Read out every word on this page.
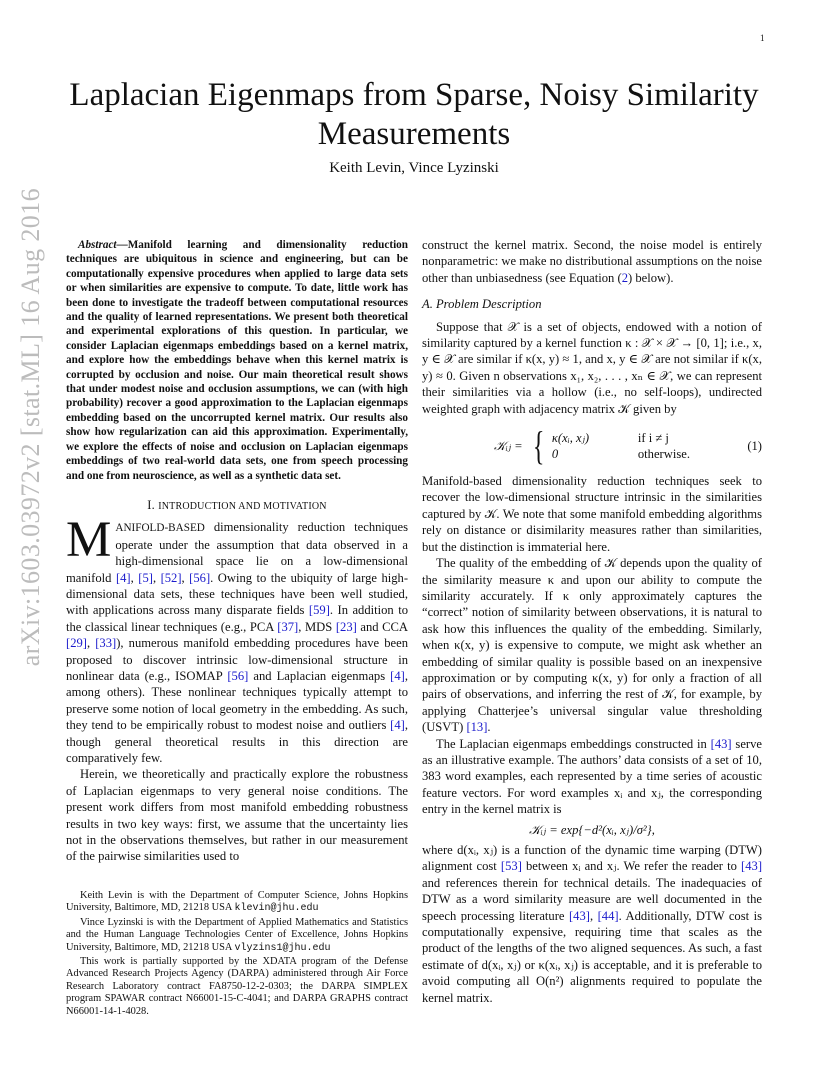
1
arXiv:1603.03972v2 [stat.ML] 16 Aug 2016
Laplacian Eigenmaps from Sparse, Noisy Similarity Measurements
Keith Levin, Vince Lyzinski

Abstract—Manifold learning and dimensionality reduction techniques are ubiquitous in science and engineering, but can be computationally expensive procedures when applied to large data sets or when similarities are expensive to compute. To date, little work has been done to investigate the tradeoff between computational resources and the quality of learned representations. We present both theoretical and experimental explorations of this question. In particular, we consider Laplacian eigenmaps embeddings based on a kernel matrix, and explore how the embeddings behave when this kernel matrix is corrupted by occlusion and noise. Our main theoretical result shows that under modest noise and occlusion assumptions, we can (with high probability) recover a good approximation to the Laplacian eigenmaps embedding based on the uncorrupted kernel matrix. Our results also show how regularization can aid this approximation. Experimentally, we explore the effects of noise and occlusion on Laplacian eigenmaps embeddings of two real-world data sets, one from speech processing and one from neuroscience, as well as a synthetic data set.

I. INTRODUCTION AND MOTIVATION

MANIFOLD-BASED dimensionality reduction techniques operate under the assumption that data observed in a high-dimensional space lie on a low-dimensional manifold [4], [5], [52], [56]. Owing to the ubiquity of large high-dimensional data sets, these techniques have been well studied, with applications across many disparate fields [59]. In addition to the classical linear techniques (e.g., PCA [37], MDS [23] and CCA [29], [33]), numerous manifold embedding procedures have been proposed to discover intrinsic low-dimensional structure in nonlinear data (e.g., ISOMAP [56] and Laplacian eigenmaps [4], among others). These nonlinear techniques typically attempt to preserve some notion of local geometry in the embedding. As such, they tend to be empirically robust to modest noise and outliers [4], though general theoretical results in this direction are comparatively few.

Herein, we theoretically and practically explore the robustness of Laplacian eigenmaps to very general noise conditions. The present work differs from most manifold embedding robustness results in two key ways: first, we assume that the uncertainty lies not in the observations themselves, but rather in our measurement of the pairwise similarities used to

Keith Levin is with the Department of Computer Science, Johns Hopkins University, Baltimore, MD, 21218 USA klevin@jhu.edu

Vince Lyzinski is with the Department of Applied Mathematics and Statistics and the Human Language Technologies Center of Excellence, Johns Hopkins University, Baltimore, MD, 21218 USA vlyzins1@jhu.edu

This work is partially supported by the XDATA program of the Defense Advanced Research Projects Agency (DARPA) administered through Air Force Research Laboratory contract FA8750-12-2-0303; the DARPA SIMPLEX program SPAWAR contract N66001-15-C-4041; and DARPA GRAPHS contract N66001-14-1-4028.

construct the kernel matrix. Second, the noise model is entirely nonparametric: we make no distributional assumptions on the noise other than unbiasedness (see Equation (2) below).

A. Problem Description

Suppose that 𝒳 is a set of objects, endowed with a notion of similarity captured by a kernel function κ : 𝒳 × 𝒳 → [0, 1]; i.e., x, y ∈ 𝒳 are similar if κ(x, y) ≈ 1, and x, y ∈ 𝒳 are not similar if κ(x, y) ≈ 0. Given n observations x₁, x₂, . . . , xₙ ∈ 𝒳, we can represent their similarities via a hollow (i.e., no self-loops), undirected weighted graph with adjacency matrix 𝒦 given by

𝒦ᵢⱼ = { κ(xᵢ, xⱼ)	if i ≠ j
0	otherwise.
(1)

Manifold-based dimensionality reduction techniques seek to recover the low-dimensional structure intrinsic in the similarities captured by 𝒦. We note that some manifold embedding algorithms rely on distance or disimilarity measures rather than similarities, but the distinction is immaterial here.

The quality of the embedding of 𝒦 depends upon the quality of the similarity measure κ and upon our ability to compute the similarity accurately. If κ only approximately captures the “correct” notion of similarity between observations, it is natural to ask how this influences the quality of the embedding. Similarly, when κ(x, y) is expensive to compute, we might ask whether an embedding of similar quality is possible based on an inexpensive approximation or by computing κ(x, y) for only a fraction of all pairs of observations, and inferring the rest of 𝒦, for example, by applying Chatterjee’s universal singular value thresholding (USVT) [13].

The Laplacian eigenmaps embeddings constructed in [43] serve as an illustrative example. The authors’ data consists of a set of 10, 383 word examples, each represented by a time series of acoustic feature vectors. For word examples xᵢ and xⱼ, the corresponding entry in the kernel matrix is

𝒦ᵢⱼ = exp{−d²(xᵢ, xⱼ)/σ²},

where d(xᵢ, xⱼ) is a function of the dynamic time warping (DTW) alignment cost [53] between xᵢ and xⱼ. We refer the reader to [43] and references therein for technical details. The inadequacies of DTW as a word similarity measure are well documented in the speech processing literature [43], [44]. Additionally, DTW cost is computationally expensive, requiring time that scales as the product of the lengths of the two aligned sequences. As such, a fast estimate of d(xᵢ, xⱼ) or κ(xᵢ, xⱼ) is acceptable, and it is preferable to avoid computing all O(n²) alignments required to populate the kernel matrix.
